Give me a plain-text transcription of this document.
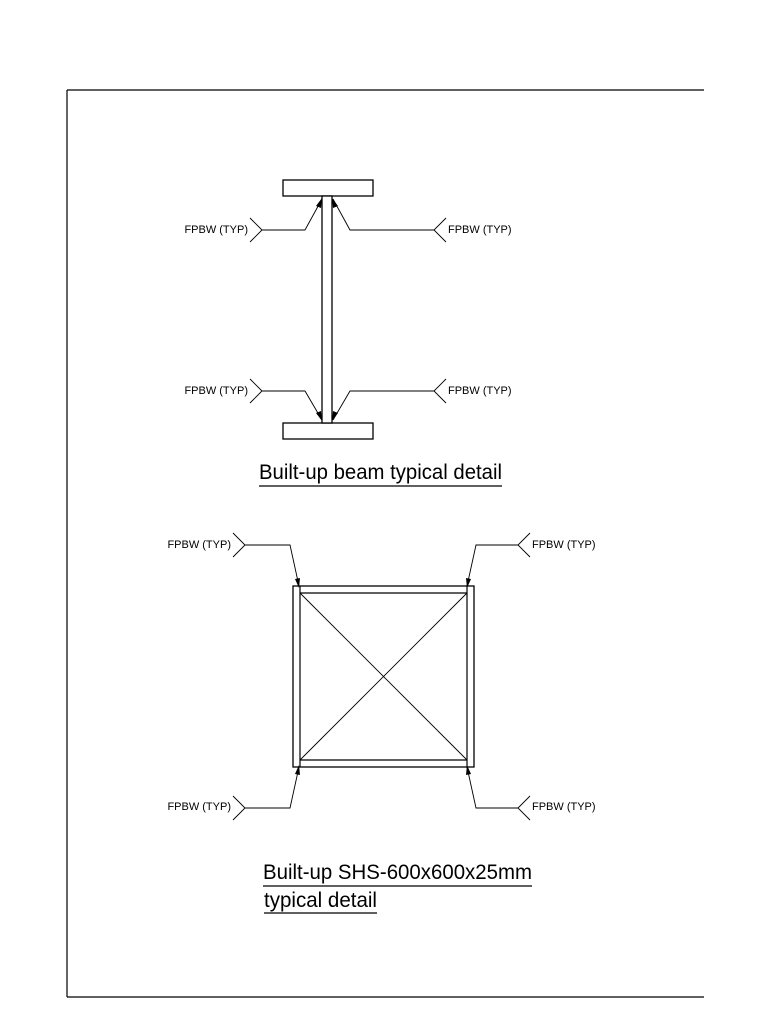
FPBW (TYP)	FPBW (TYP)
FPBW (TYP)	FPBW (TYP)
Built-up beam typical detail
FPBW (TYP)	FPBW (TYP)
FPBW (TYP)	FPBW (TYP)
Built-up SHS-600x600x25mm
typical detail
